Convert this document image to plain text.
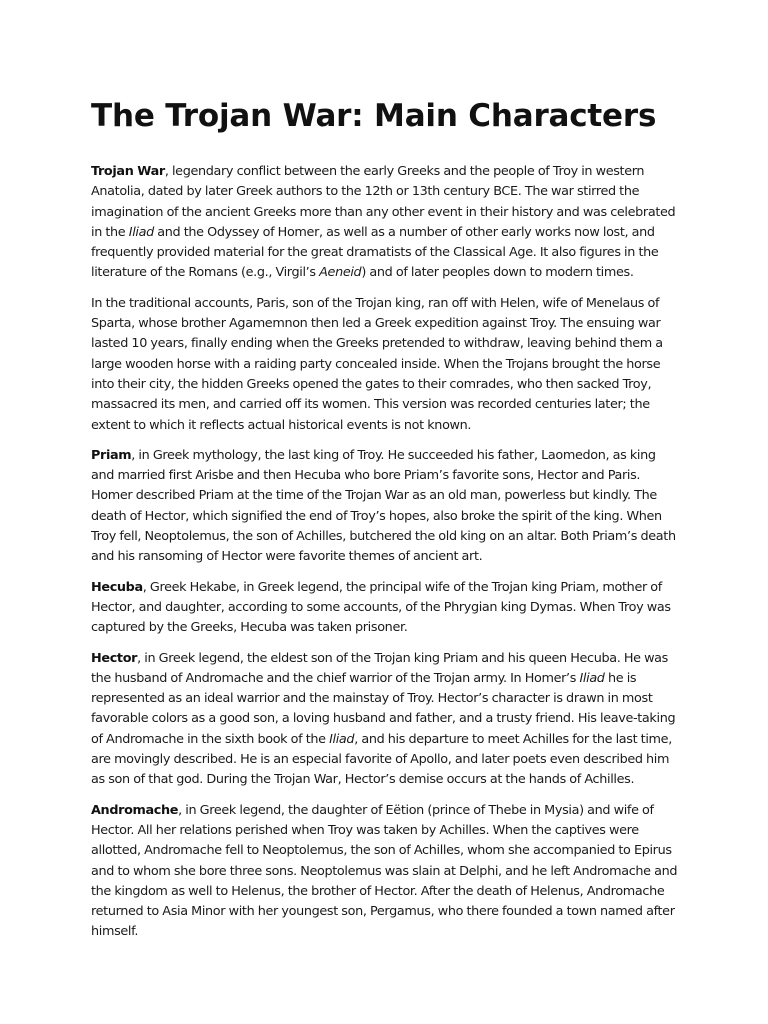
The Trojan War: Main Characters

Trojan War, legendary conflict between the early Greeks and the people of Troy in western Anatolia, dated by later Greek authors to the 12th or 13th century BCE. The war stirred the imagination of the ancient Greeks more than any other event in their history and was celebrated in the Iliad and the Odyssey of Homer, as well as a number of other early works now lost, and frequently provided material for the great dramatists of the Classical Age. It also figures in the literature of the Romans (e.g., Virgil’s Aeneid) and of later peoples down to modern times.

In the traditional accounts, Paris, son of the Trojan king, ran off with Helen, wife of Menelaus of Sparta, whose brother Agamemnon then led a Greek expedition against Troy. The ensuing war lasted 10 years, finally ending when the Greeks pretended to withdraw, leaving behind them a large wooden horse with a raiding party concealed inside. When the Trojans brought the horse into their city, the hidden Greeks opened the gates to their comrades, who then sacked Troy, massacred its men, and carried off its women. This version was recorded centuries later; the extent to which it reflects actual historical events is not known.

Priam, in Greek mythology, the last king of Troy. He succeeded his father, Laomedon, as king and married first Arisbe and then Hecuba who bore Priam’s favorite sons, Hector and Paris. Homer described Priam at the time of the Trojan War as an old man, powerless but kindly. The death of Hector, which signified the end of Troy’s hopes, also broke the spirit of the king. When Troy fell, Neoptolemus, the son of Achilles, butchered the old king on an altar. Both Priam’s death and his ransoming of Hector were favorite themes of ancient art.

Hecuba, Greek Hekabe, in Greek legend, the principal wife of the Trojan king Priam, mother of Hector, and daughter, according to some accounts, of the Phrygian king Dymas. When Troy was captured by the Greeks, Hecuba was taken prisoner.

Hector, in Greek legend, the eldest son of the Trojan king Priam and his queen Hecuba. He was the husband of Andromache and the chief warrior of the Trojan army. In Homer’s Iliad he is represented as an ideal warrior and the mainstay of Troy. Hector’s character is drawn in most favorable colors as a good son, a loving husband and father, and a trusty friend. His leave-taking of Andromache in the sixth book of the Iliad, and his departure to meet Achilles for the last time, are movingly described. He is an especial favorite of Apollo, and later poets even described him as son of that god. During the Trojan War, Hector’s demise occurs at the hands of Achilles.

Andromache, in Greek legend, the daughter of Eëtion (prince of Thebe in Mysia) and wife of Hector. All her relations perished when Troy was taken by Achilles. When the captives were allotted, Andromache fell to Neoptolemus, the son of Achilles, whom she accompanied to Epirus and to whom she bore three sons. Neoptolemus was slain at Delphi, and he left Andromache and the kingdom as well to Helenus, the brother of Hector. After the death of Helenus, Andromache returned to Asia Minor with her youngest son, Pergamus, who there founded a town named after himself.
